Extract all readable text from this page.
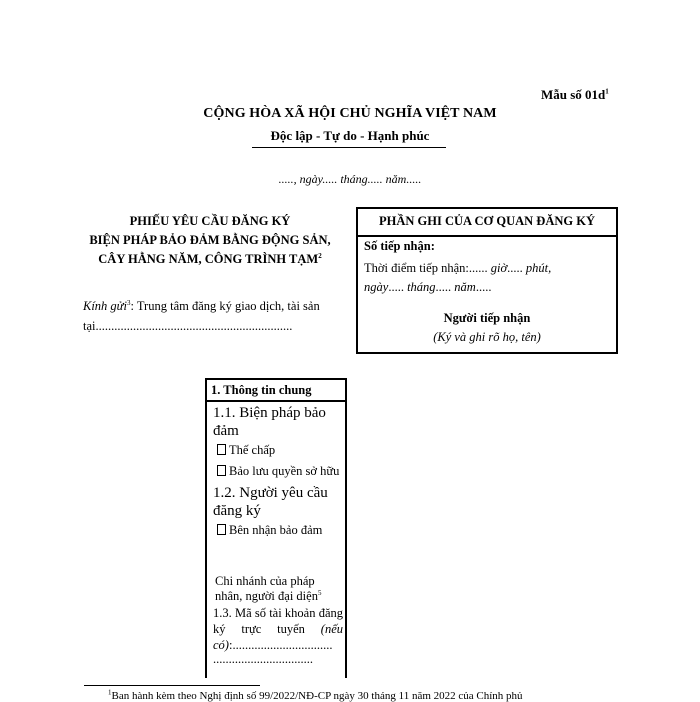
Mẫu số $01d^1$
CỘNG HÒA XÃ HỘI CHỦ NGHĨA VIỆT NAM
Độc lập - Tự do - Hạnh phúc
....., ngày..... tháng..... năm.....
PHIẾU YÊU CẦU ĐĂNG KÝ
BIỆN PHÁP BẢO ĐẢM BẰNG ĐỘNG SẢN,
CÂY HẰNG NĂM, CÔNG TRÌNH TẠM$^2$
Kính gửi$^3$: Trung tâm đăng ký giao dịch, tài sản tại...............................................................
PHẦN GHI CỦA CƠ QUAN ĐĂNG KÝ
Số tiếp nhận:
Thời điểm tiếp nhận:...... giờ..... phút,
ngày..... tháng..... năm.....
Người tiếp nhận
(Ký và ghi rõ họ, tên)
1. Thông tin chung
1.1. Biện pháp bảo đảm
Thế chấp
Bảo lưu quyền sở hữu
1.2. Người yêu cầu đăng ký
Bên nhận bảo đảm
Chi nhánh của pháp nhân, người đại diện$^5$
1.3. Mã số tài khoản đăng ký trực tuyến (nếu có):................................
................................
$^1$Ban hành kèm theo Nghị định số 99/2022/NĐ-CP ngày 30 tháng 11 năm 2022 của Chính phủ
